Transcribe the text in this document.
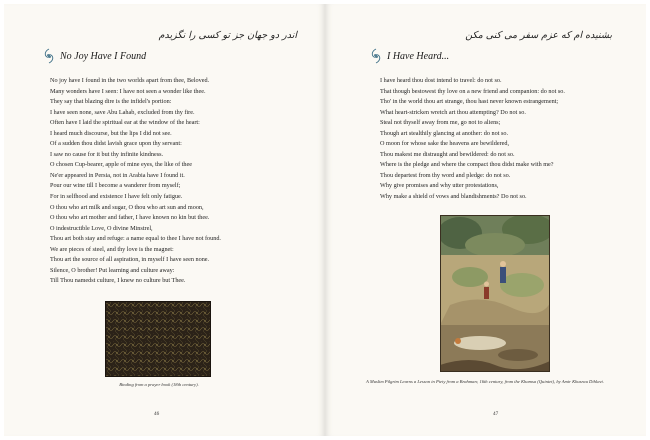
اندر دو جهان جز تو کسی را نگزیدم
No Joy Have I Found
No joy have I found in the two worlds apart from thee, Beloved.
Many wonders have I seen: I have not seen a wonder like thee.
They say that blazing dire is the infidel's portion:
I have seen none, save Abu Lahab, excluded from thy fire.
Often have I laid the spiritual ear at the window of the heart:
I heard much discourse, but the lips I did not see.
Of a sudden thou didst lavish grace upon thy servant:
I saw no cause for it but thy infinite kindness.
O chosen Cup-bearer, apple of mine eyes, the like of thee
Ne'er appeared in Persia, not in Arabia have I found it.
Pour our wine till I become a wanderer from myself;
For in selfhood and existence I have felt only fatigue.
O thou who art milk and sugar, O thou who art sun and moon,
O thou who art mother and father, I have known no kin but thee.
O indestructible Love, O divine Minstrel,
Thou art both stay and refuge: a name equal to thee I have not found.
We are pieces of steel, and thy love is the magnet:
Thou art the source of all aspiration, in myself I have seen none.
Silence, O brother! Put learning and culture away:
Till Thou namedst culture, I knew no culture but Thee.
Binding from a prayer book (18th century).
46
بشنیده ام که عزم سفر می کنی مکن
I Have Heard...
I have heard thou dost intend to travel: do not so.
That though bestowest thy love on a new friend and companion: do not so.
Tho' in the world thou art strange, thou hast never known estrangement;
What heart-stricken wretch art thou attempting? Do not so.
Steal not thyself away from me, go not to aliens;
Though art stealthily glancing at another: do not so.
O moon for whose sake the heavens are bewildered,
Thou makest me distraught and bewildered: do not so.
Where is the pledge and where the compact thou didst make with me?
Thou departest from thy word and pledge: do not so.
Why give promises and why utter protestations,
Why make a shield of vows and blandishments? Do not so.
A Muslim Pilgrim Learns a Lesson in Piety from a Brahman; 16th century, from the Khamsa (Quintet), by Amir Khusrau Dihlavi.
47
